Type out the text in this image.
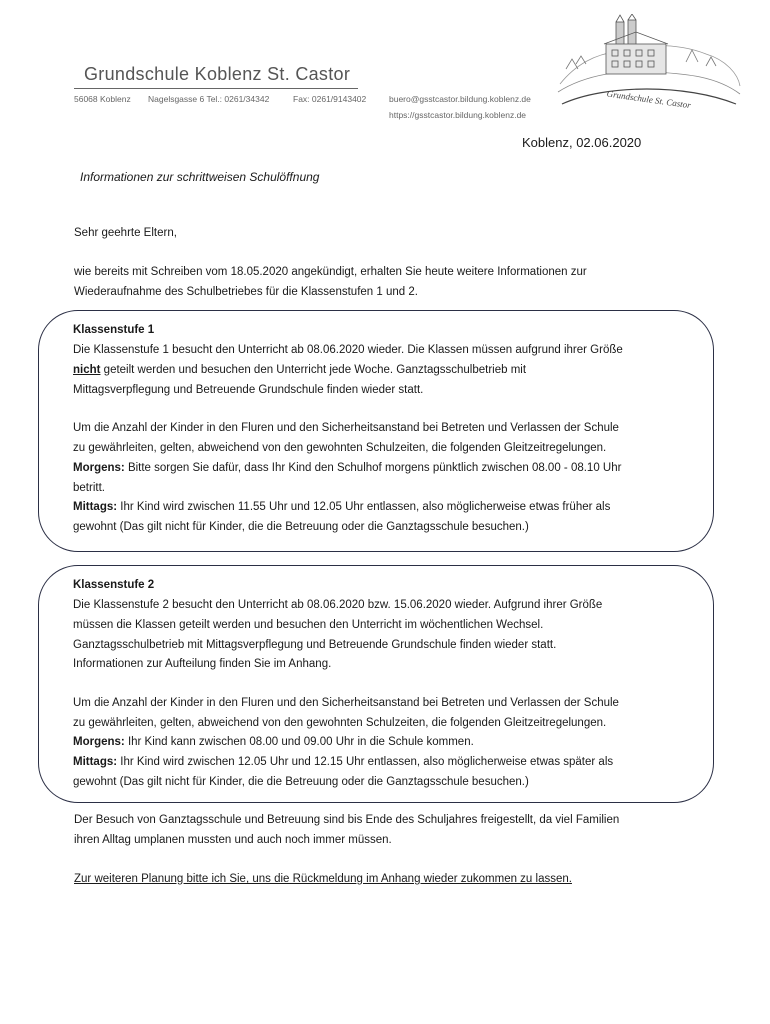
Grundschule Koblenz St. Castor
56068 Koblenz Nagelsgasse 6 Tel.: 0261/34342	Fax: 0261/9143402	buero@gsstcastor.bildung.koblenz.de
https://gsstcastor.bildung.koblenz.de
Grundschule St. Castor
Koblenz, 02.06.2020
Informationen zur schrittweisen Schulöffnung
Sehr geehrte Eltern,
wie bereits mit Schreiben vom 18.05.2020 angekündigt, erhalten Sie heute weitere Informationen zur
Wiederaufnahme des Schulbetriebes für die Klassenstufen 1 und 2.
Klassenstufe 1
Die Klassenstufe 1 besucht den Unterricht ab 08.06.2020 wieder. Die Klassen müssen aufgrund ihrer Größe
nicht geteilt werden und besuchen den Unterricht jede Woche. Ganztagsschulbetrieb mit
Mittagsverpflegung und Betreuende Grundschule finden wieder statt.
Um die Anzahl der Kinder in den Fluren und den Sicherheitsanstand bei Betreten und Verlassen der Schule
zu gewährleiten, gelten, abweichend von den gewohnten Schulzeiten, die folgenden Gleitzeitregelungen.
Morgens: Bitte sorgen Sie dafür, dass Ihr Kind den Schulhof morgens pünktlich zwischen 08.00 - 08.10 Uhr
betritt.
Mittags: Ihr Kind wird zwischen 11.55 Uhr und 12.05 Uhr entlassen, also möglicherweise etwas früher als
gewohnt (Das gilt nicht für Kinder, die die Betreuung oder die Ganztagsschule besuchen.)
Klassenstufe 2
Die Klassenstufe 2 besucht den Unterricht ab 08.06.2020 bzw. 15.06.2020 wieder. Aufgrund ihrer Größe
müssen die Klassen geteilt werden und besuchen den Unterricht im wöchentlichen Wechsel.
Ganztagsschulbetrieb mit Mittagsverpflegung und Betreuende Grundschule finden wieder statt.
Informationen zur Aufteilung finden Sie im Anhang.
Um die Anzahl der Kinder in den Fluren und den Sicherheitsanstand bei Betreten und Verlassen der Schule
zu gewährleiten, gelten, abweichend von den gewohnten Schulzeiten, die folgenden Gleitzeitregelungen.
Morgens: Ihr Kind kann zwischen 08.00 und 09.00 Uhr in die Schule kommen.
Mittags: Ihr Kind wird zwischen 12.05 Uhr und 12.15 Uhr entlassen, also möglicherweise etwas später als
gewohnt (Das gilt nicht für Kinder, die die Betreuung oder die Ganztagsschule besuchen.)
Der Besuch von Ganztagsschule und Betreuung sind bis Ende des Schuljahres freigestellt, da viel Familien
ihren Alltag umplanen mussten und auch noch immer müssen.
Zur weiteren Planung bitte ich Sie, uns die Rückmeldung im Anhang wieder zukommen zu lassen.
